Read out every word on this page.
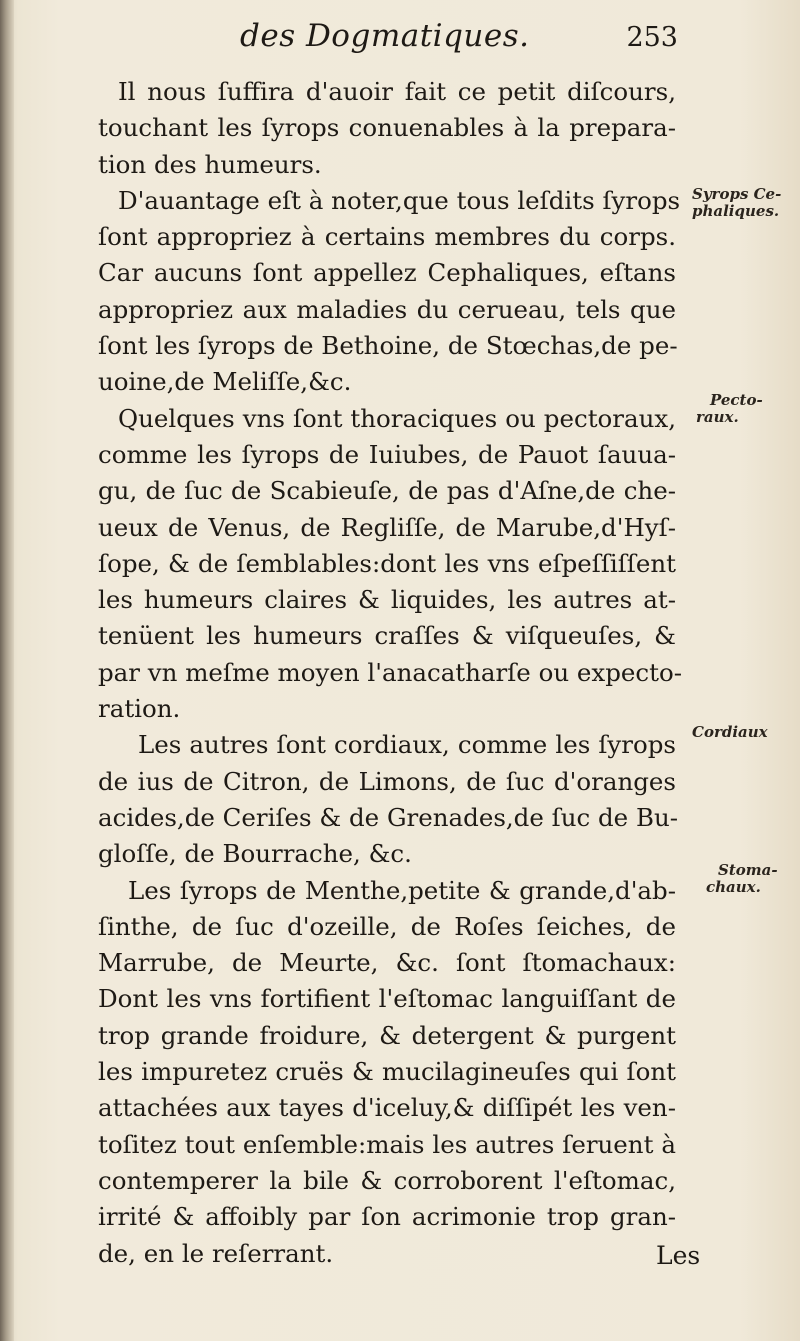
des Dogmatiques.	253
Il nous ſuffira d'auoir fait ce petit diſcours,
touchant les ſyrops conuenables à la prepara-
tion des humeurs.
D'auantage eſt à noter,que tous leſdits ſyrops
ſont appropriez à certains membres du corps.
Car aucuns ſont appellez Cephaliques, eſtans
appropriez aux maladies du cerueau, tels que
ſont les ſyrops de Bethoine, de Stœchas,de pe-
uoine,de Meliſſe,&c.
Quelques vns ſont thoraciques ou pectoraux,
comme les ſyrops de Iuiubes, de Pauot ſauua-
gu, de ſuc de Scabieuſe, de pas d'Aſne,de che-
ueux de Venus, de Regliſſe, de Marube,d'Hyſ-
ſope, & de ſemblables:dont les vns eſpeſſiſſent
les humeurs claires & liquides, les autres at-
tenüent les humeurs craſſes & viſqueuſes, &
par vn meſme moyen l'anacatharſe ou expecto-
ration.
Les autres ſont cordiaux, comme les ſyrops
de ius de Citron, de Limons, de ſuc d'oranges
acides,de Ceriſes & de Grenades,de ſuc de Bu-
gloſſe, de Bourrache, &c.
Les ſyrops de Menthe,petite & grande,d'ab-
ſinthe, de ſuc d'ozeille, de Roſes ſeiches, de
Marrube, de Meurte, &c. ſont ſtomachaux:
Dont les vns fortifient l'eſtomac languiſſant de
trop grande froidure, & detergent & purgent
les impuretez cruës & mucilagineuſes qui ſont
attachées aux tayes d'iceluy,& diſſipét les ven-
toſitez tout enſemble:mais les autres ſeruent à
contemperer la bile & corroborent l'eſtomac,
irrité & affoibly par ſon acrimonie trop gran-
de, en le reſerrant.
Syrops Ce-
phaliques.
Pecto-
raux.
Cordiaux
Stoma-
chaux.
Les
